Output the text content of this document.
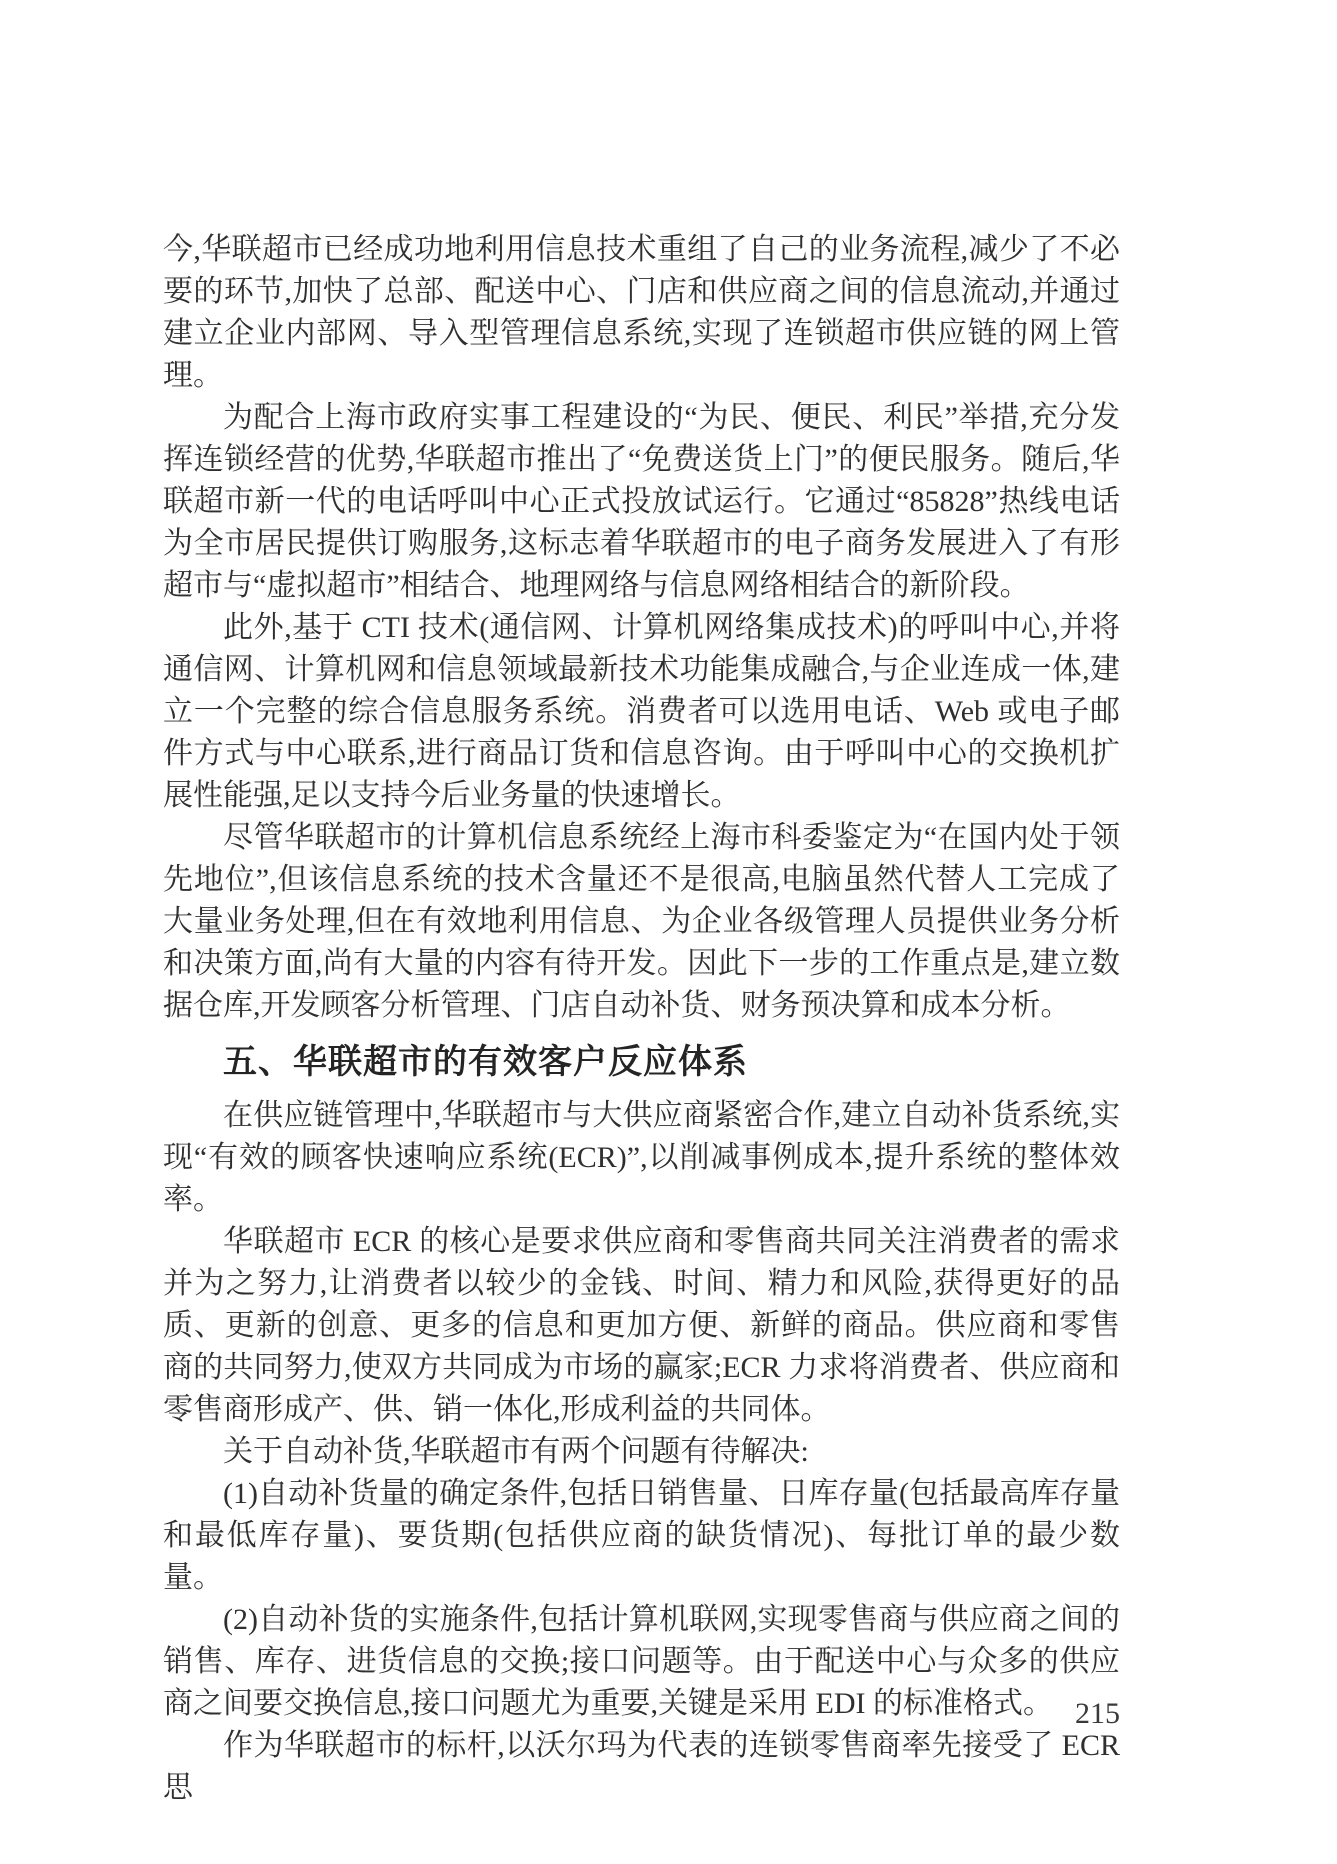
今,华联超市已经成功地利用信息技术重组了自己的业务流程,减少了不必要的环节,加快了总部、配送中心、门店和供应商之间的信息流动,并通过建立企业内部网、导入型管理信息系统,实现了连锁超市供应链的网上管理。

为配合上海市政府实事工程建设的“为民、便民、利民”举措,充分发挥连锁经营的优势,华联超市推出了“免费送货上门”的便民服务。随后,华联超市新一代的电话呼叫中心正式投放试运行。它通过“85828”热线电话为全市居民提供订购服务,这标志着华联超市的电子商务发展进入了有形超市与“虚拟超市”相结合、地理网络与信息网络相结合的新阶段。

此外,基于 CTI 技术(通信网、计算机网络集成技术)的呼叫中心,并将通信网、计算机网和信息领域最新技术功能集成融合,与企业连成一体,建立一个完整的综合信息服务系统。消费者可以选用电话、Web 或电子邮件方式与中心联系,进行商品订货和信息咨询。由于呼叫中心的交换机扩展性能强,足以支持今后业务量的快速增长。

尽管华联超市的计算机信息系统经上海市科委鉴定为“在国内处于领先地位”,但该信息系统的技术含量还不是很高,电脑虽然代替人工完成了大量业务处理,但在有效地利用信息、为企业各级管理人员提供业务分析和决策方面,尚有大量的内容有待开发。因此下一步的工作重点是,建立数据仓库,开发顾客分析管理、门店自动补货、财务预决算和成本分析。

五、华联超市的有效客户反应体系

在供应链管理中,华联超市与大供应商紧密合作,建立自动补货系统,实现“有效的顾客快速响应系统(ECR)”,以削减事例成本,提升系统的整体效率。

华联超市 ECR 的核心是要求供应商和零售商共同关注消费者的需求并为之努力,让消费者以较少的金钱、时间、精力和风险,获得更好的品质、更新的创意、更多的信息和更加方便、新鲜的商品。供应商和零售商的共同努力,使双方共同成为市场的赢家;ECR 力求将消费者、供应商和零售商形成产、供、销一体化,形成利益的共同体。

关于自动补货,华联超市有两个问题有待解决:

(1)自动补货量的确定条件,包括日销售量、日库存量(包括最高库存量和最低库存量)、要货期(包括供应商的缺货情况)、每批订单的最少数量。

(2)自动补货的实施条件,包括计算机联网,实现零售商与供应商之间的销售、库存、进货信息的交换;接口问题等。由于配送中心与众多的供应商之间要交换信息,接口问题尤为重要,关键是采用 EDI 的标准格式。

作为华联超市的标杆,以沃尔玛为代表的连锁零售商率先接受了 ECR 思

215
